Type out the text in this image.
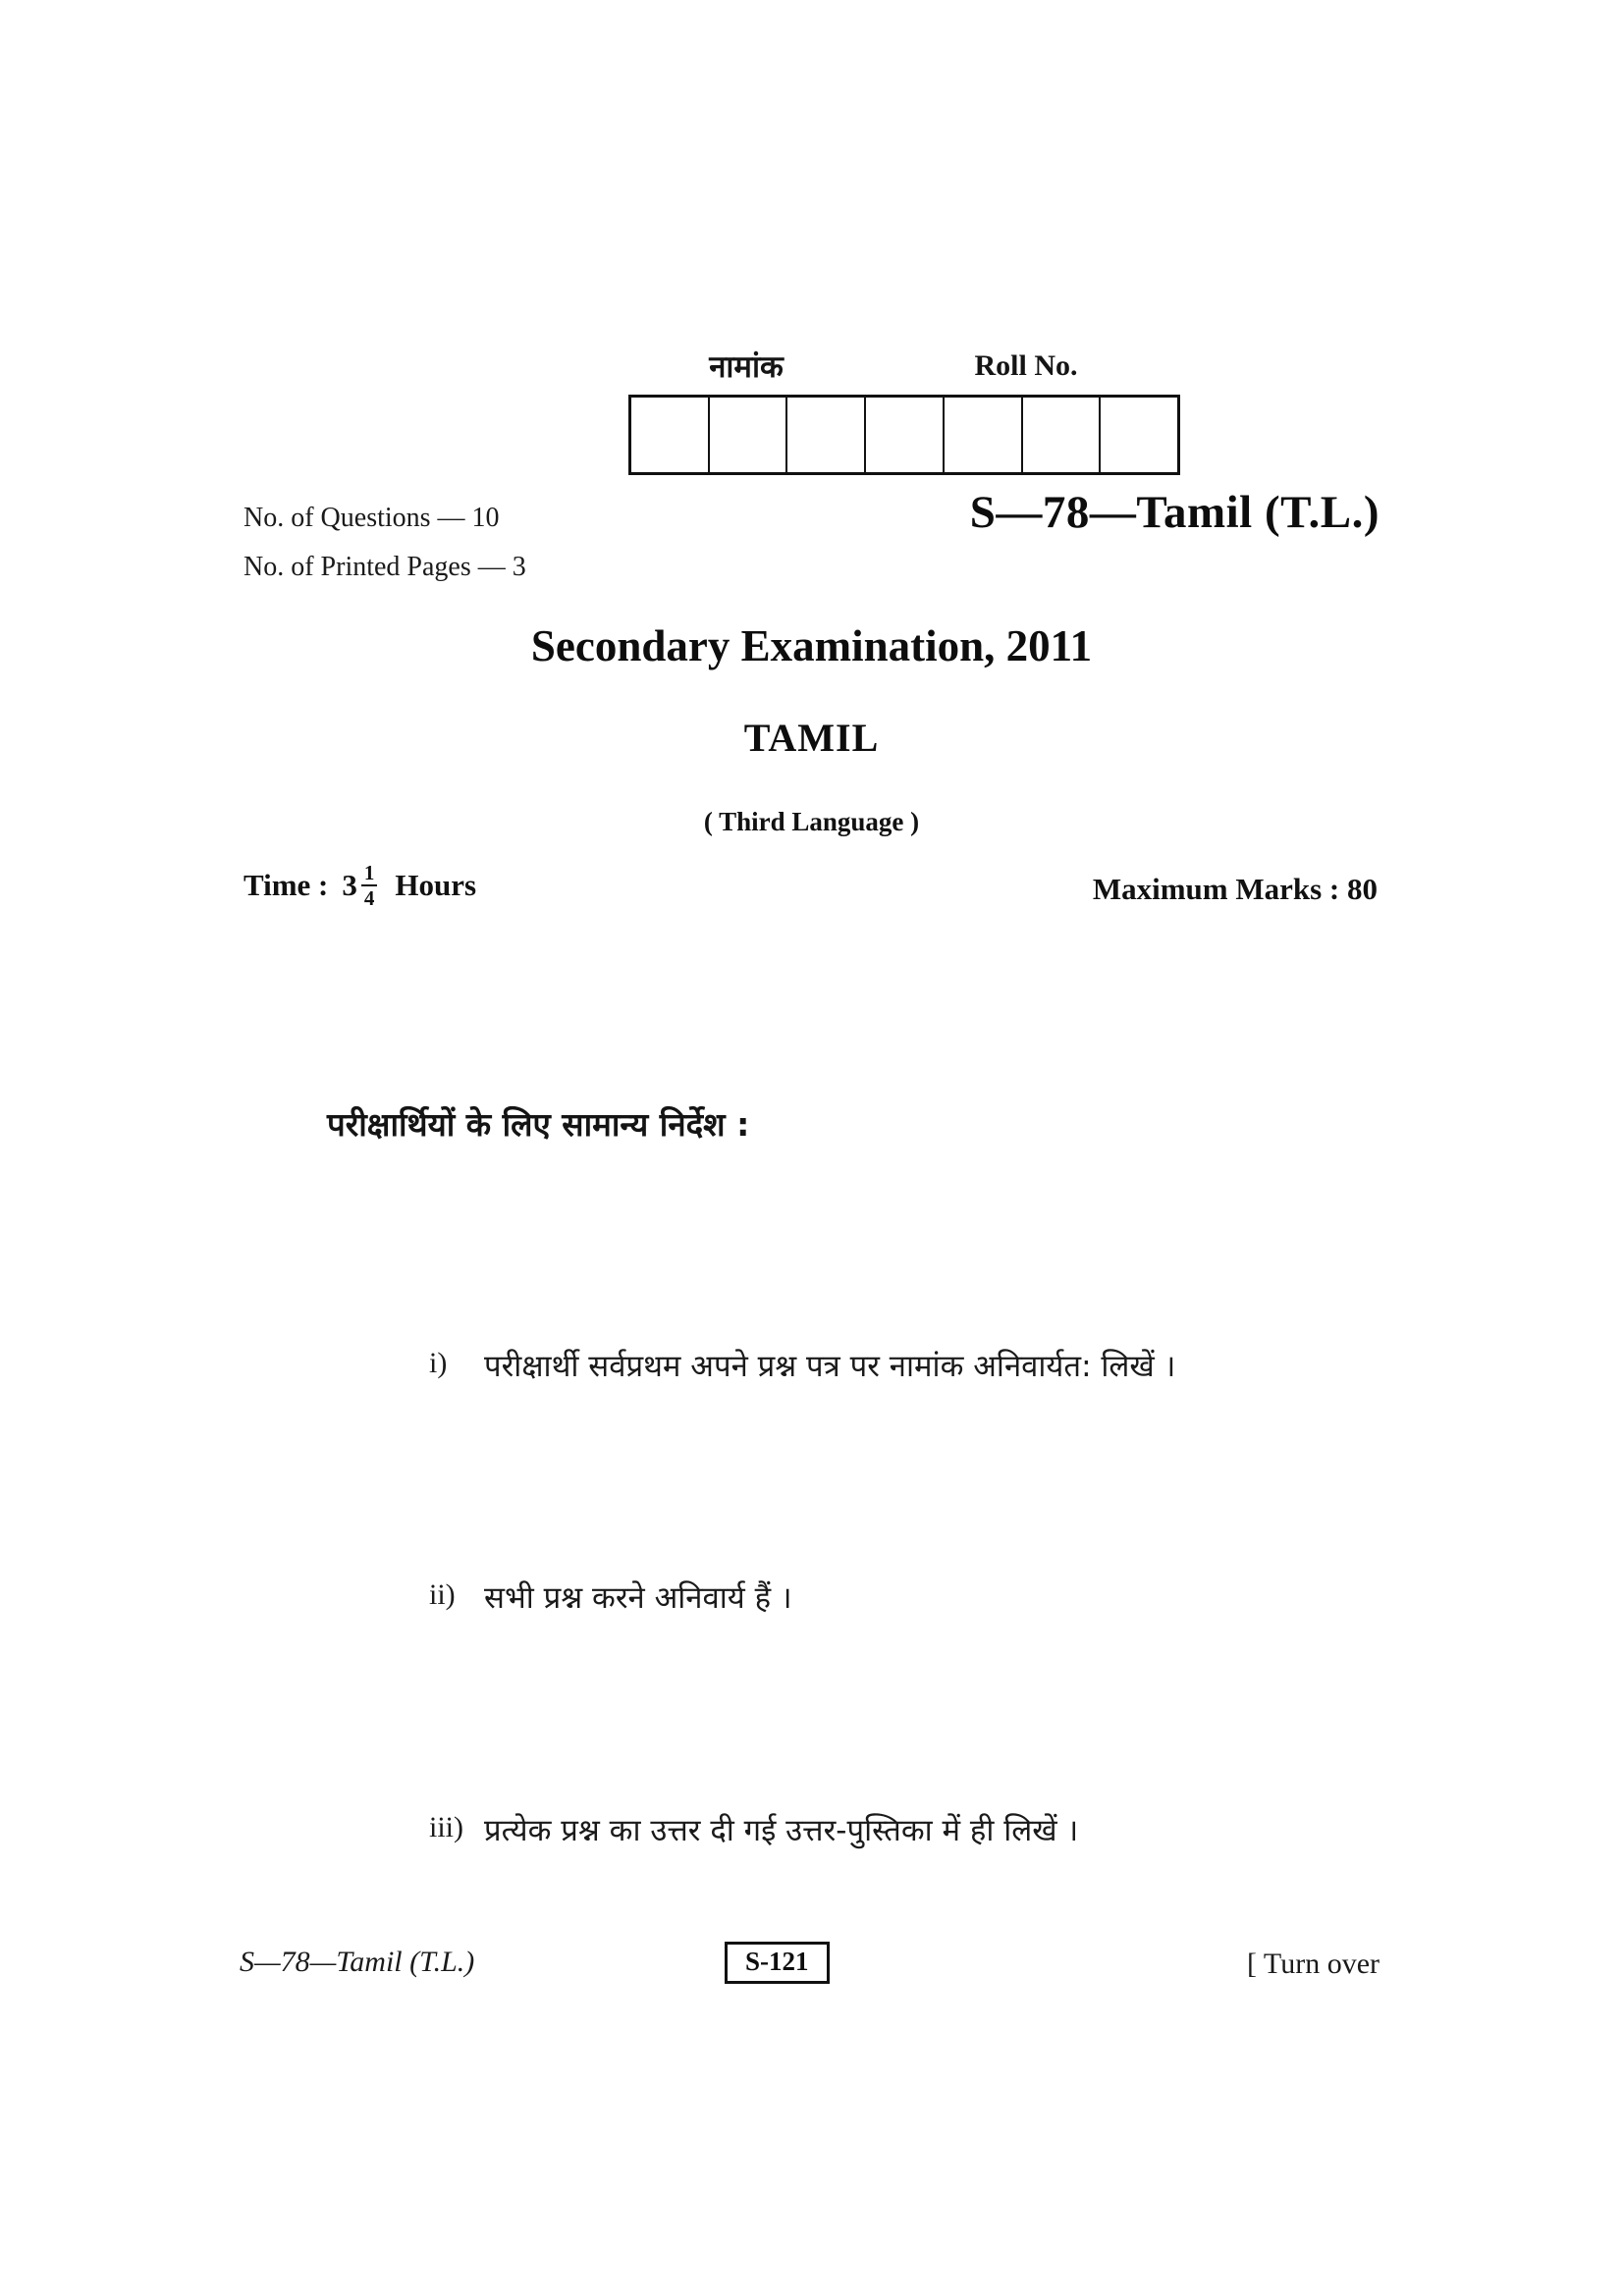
नामांक	Roll No.
No. of Questions — 10
No. of Printed Pages — 3
S—78—Tamil (T.L.)
Secondary Examination, 2011
TAMIL
( Third Language )
Time : $3 \frac{1}{4}$ Hours	Maximum Marks : 80
परीक्षार्थियों के लिए सामान्य निर्देश :
i)	परीक्षार्थी सर्वप्रथम अपने प्रश्न पत्र पर नामांक अनिवार्यत: लिखें ।
ii) सभी प्रश्न करने अनिवार्य हैं ।
iii) प्रत्येक प्रश्न का उत्तर दी गई उत्तर-पुस्तिका में ही लिखें ।
S—78—Tamil (T.L.)	S-121	[ Turn over
